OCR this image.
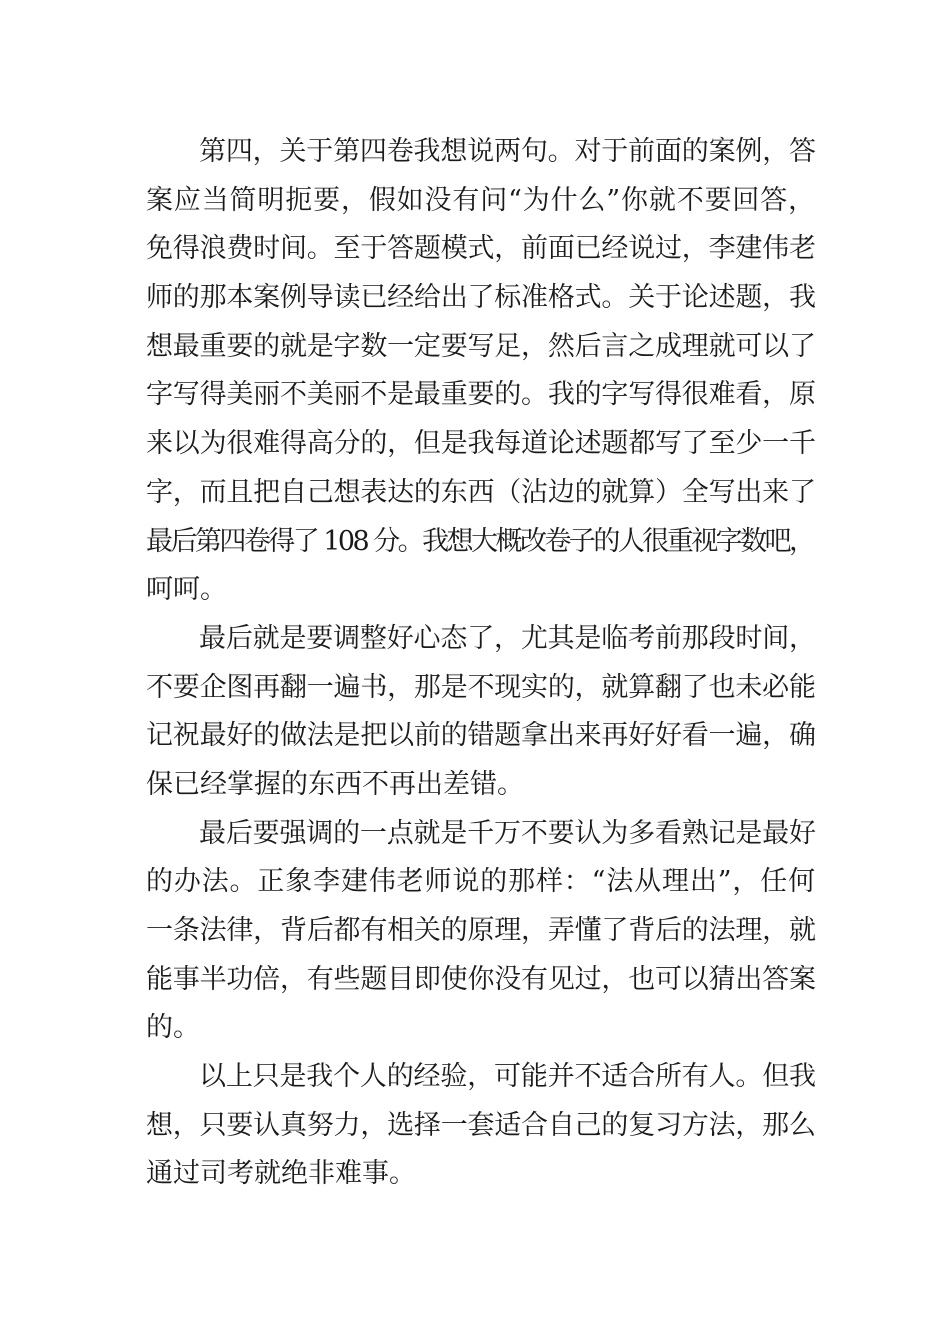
第四，关于第四卷我想说两句。对于前面的案例，答
案应当简明扼要，假如没有问“为什么”你就不要回答，
免得浪费时间。至于答题模式，前面已经说过，李建伟老
师的那本案例导读已经给出了标准格式。关于论述题，我
想最重要的就是字数一定要写足，然后言之成理就可以了
字写得美丽不美丽不是最重要的。我的字写得很难看，原
来以为很难得高分的，但是我每道论述题都写了至少一千
字，而且把自己想表达的东西（沾边的就算）全写出来了
最后第四卷得了 108 分。我想大概改卷子的人很重视字数吧，
呵呵。
最后就是要调整好心态了，尤其是临考前那段时间，
不要企图再翻一遍书，那是不现实的，就算翻了也未必能
记祝最好的做法是把以前的错题拿出来再好好看一遍，确
保已经掌握的东西不再出差错。
最后要强调的一点就是千万不要认为多看熟记是最好
的办法。正象李建伟老师说的那样：“法从理出”，任何
一条法律，背后都有相关的原理，弄懂了背后的法理，就
能事半功倍，有些题目即使你没有见过，也可以猜出答案
的。
以上只是我个人的经验，可能并不适合所有人。但我
想，只要认真努力，选择一套适合自己的复习方法，那么
通过司考就绝非难事。
